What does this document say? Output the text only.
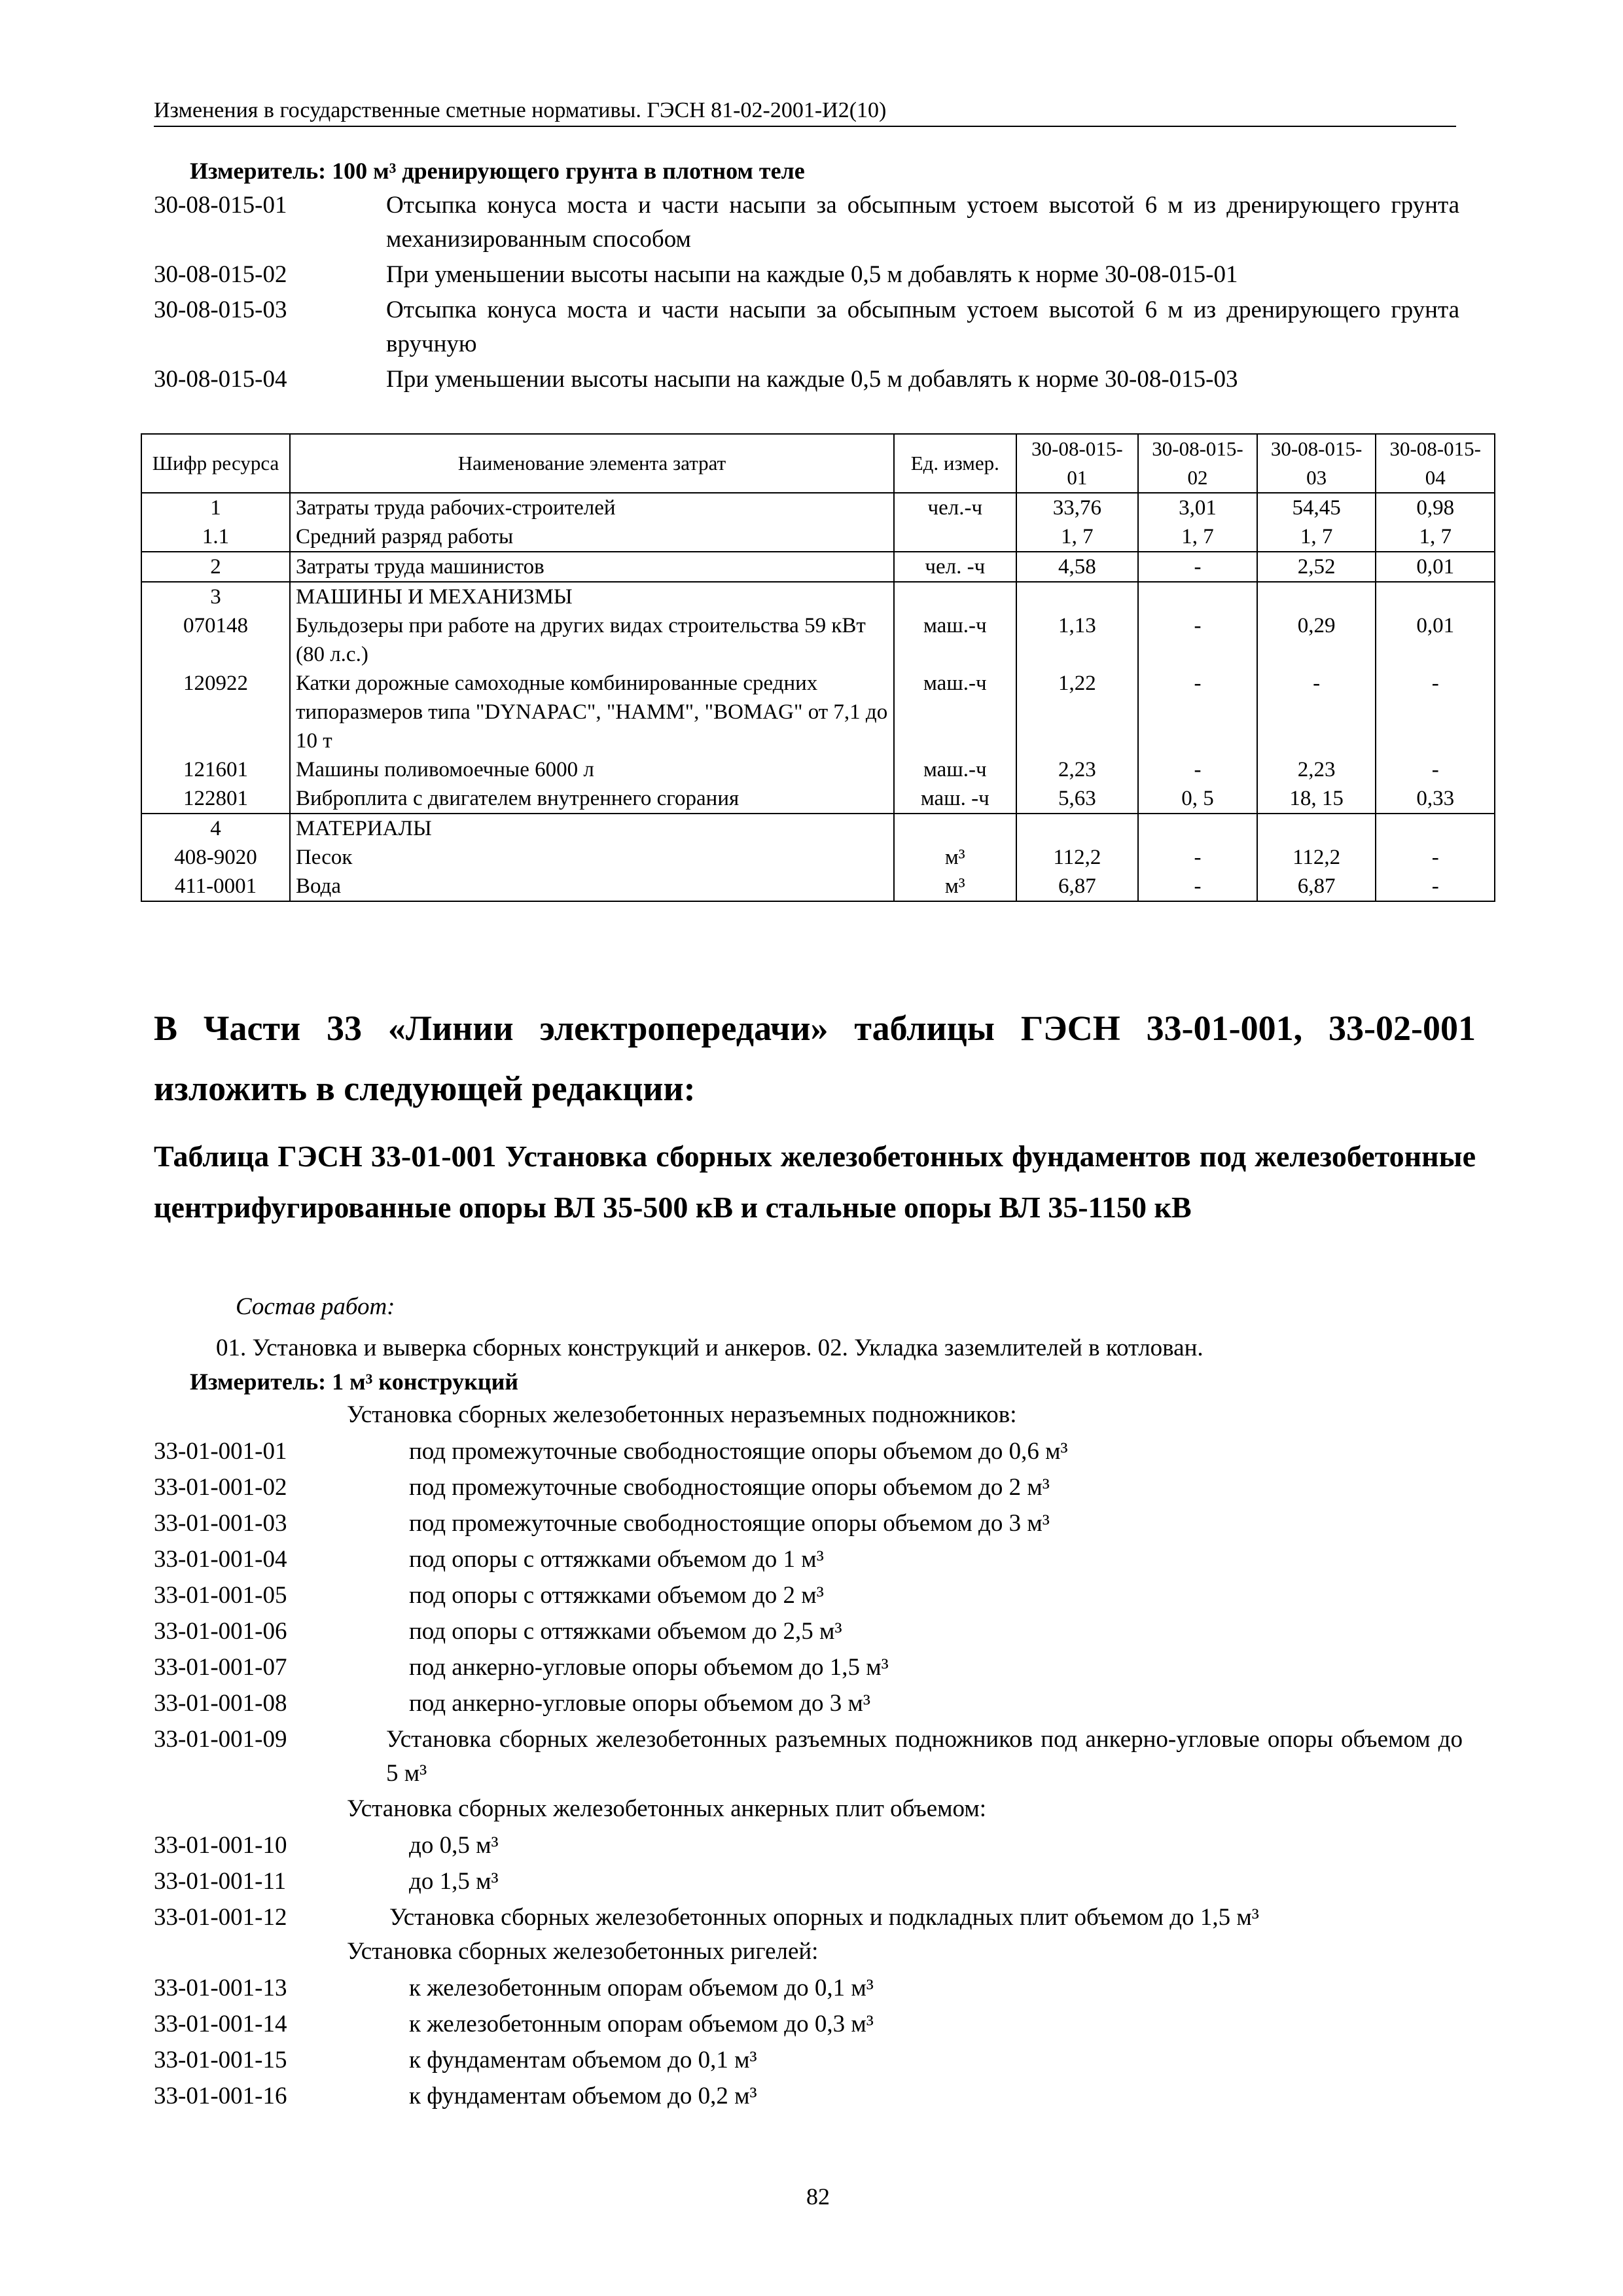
Изменения в государственные сметные нормативы. ГЭСН 81-02-2001-И2(10)
Измеритель: 100 м³ дренирующего грунта в плотном теле
30-08-015-01	Отсыпка конуса моста и части насыпи за обсыпным устоем высотой 6 м из дренирующего грунта механизированным способом
30-08-015-02	При уменьшении высоты насыпи на каждые 0,5 м добавлять к норме 30-08-015-01
30-08-015-03	Отсыпка конуса моста и части насыпи за обсыпным устоем высотой 6 м из дренирующего грунта вручную
30-08-015-04	При уменьшении высоты насыпи на каждые 0,5 м добавлять к норме 30-08-015-03
Шифр ресурса	Наименование элемента затрат	Ед. измер.	30-08-015-01	30-08-015-02	30-08-015-03	30-08-015-04
1	Затраты труда рабочих-строителей	чел.-ч	33,76	3,01	54,45	0,98
1.1	Средний разряд работы		1, 7	1, 7	1, 7	1, 7
2	Затраты труда машинистов	чел. -ч	4,58	-	2,52	0,01
3	МАШИНЫ И МЕХАНИЗМЫ					
070148	Бульдозеры при работе на других видах строительства 59 кВт (80 л.с.)	маш.-ч	1,13	-	0,29	0,01
120922	Катки дорожные самоходные комбинированные средних типоразмеров типа "DYNAPAC", "HAMM", "BOMAG" от 7,1 до 10 т	маш.-ч	1,22	-	-	-
121601	Машины поливомоечные 6000 л	маш.-ч	2,23	-	2,23	-
122801	Виброплита с двигателем внутреннего сгорания	маш. -ч	5,63	0, 5	18, 15	0,33
4	МАТЕРИАЛЫ					
408-9020	Песок	м³	112,2	-	112,2	-
411-0001	Вода	м³	6,87	-	6,87	-
В Части 33 «Линии электропередачи» таблицы ГЭСН 33-01-001, 33-02-001 изложить в следующей редакции:
Таблица ГЭСН 33-01-001 Установка сборных железобетонных фундаментов под железобетонные центрифугированные опоры ВЛ 35-500 кВ и стальные опоры ВЛ 35-1150 кВ
Состав работ:
01. Установка и выверка сборных конструкций и анкеров. 02. Укладка заземлителей в котлован.
Измеритель: 1 м³ конструкций
Установка сборных железобетонных неразъемных подножников:
33-01-001-01	под промежуточные свободностоящие опоры объемом до 0,6 м³
33-01-001-02	под промежуточные свободностоящие опоры объемом до 2 м³
33-01-001-03	под промежуточные свободностоящие опоры объемом до 3 м³
33-01-001-04	под опоры с оттяжками объемом до 1 м³
33-01-001-05	под опоры с оттяжками объемом до 2 м³
33-01-001-06	под опоры с оттяжками объемом до 2,5 м³
33-01-001-07	под анкерно-угловые опоры объемом до 1,5 м³
33-01-001-08	под анкерно-угловые опоры объемом до 3 м³
33-01-001-09	Установка сборных железобетонных разъемных подножников под анкерно-угловые опоры объемом до 5 м³
Установка сборных железобетонных анкерных плит объемом:
33-01-001-10	до 0,5 м³
33-01-001-11	до 1,5 м³
33-01-001-12	Установка сборных железобетонных опорных и подкладных плит объемом до 1,5 м³
Установка сборных железобетонных ригелей:
33-01-001-13	к железобетонным опорам объемом до 0,1 м³
33-01-001-14	к железобетонным опорам объемом до 0,3 м³
33-01-001-15	к фундаментам объемом до 0,1 м³
33-01-001-16	к фундаментам объемом до 0,2 м³
82
